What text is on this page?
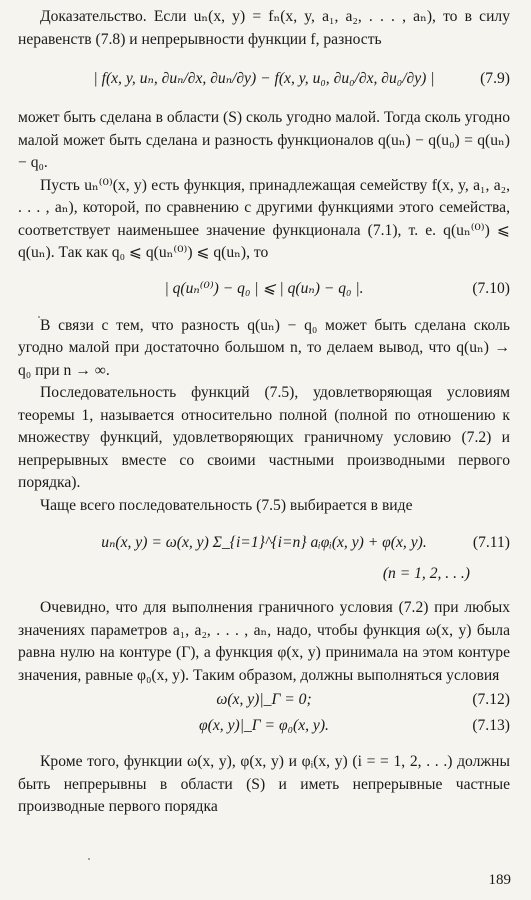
Доказательство. Если uₙ(x, y) = fₙ(x, y, a₁, a₂, . . . , aₙ), то в силу неравенств (7.8) и непрерывности функции f, разность

| f(x, y, uₙ, ∂uₙ/∂x, ∂uₙ/∂y) − f(x, y, u₀, ∂u₀/∂x, ∂u₀/∂y) |	(7.9)

может быть сделана в области (S) сколь угодно малой. Тогда сколь угодно малой может быть сделана и разность функционалов q(uₙ) − q(u₀) = q(uₙ) − q₀.

Пусть uₙ⁽⁰⁾(x, y) есть функция, принадлежащая семейству f(x, y, a₁, a₂, . . . , aₙ), которой, по сравнению с другими функциями этого семейства, соответствует наименьшее значение функционала (7.1), т. е. q(uₙ⁽⁰⁾) ⩽ q(uₙ). Так как q₀ ⩽ q(uₙ⁽⁰⁾) ⩽ q(uₙ), то

| q(uₙ⁽⁰⁾) − q₀ | ⩽ | q(uₙ) − q₀ |.	(7.10)

В связи с тем, что разность q(uₙ) − q₀ может быть сделана сколь угодно малой при достаточно большом n, то делаем вывод, что q(uₙ) → q₀ при n → ∞.

Последовательность функций (7.5), удовлетворяющая условиям теоремы 1, называется относительно полной (полной по отношению к множеству функций, удовлетворяющих граничному условию (7.2) и непрерывных вместе со своими частными производными первого порядка).

Чаще всего последовательность (7.5) выбирается в виде

uₙ(x, y) = ω(x, y) Σ_{i=1}^{i=n} aᵢφᵢ(x, y) + φ(x, y).	(7.11)
(n = 1, 2, . . .)

Очевидно, что для выполнения граничного условия (7.2) при любых значениях параметров a₁, a₂, . . . , aₙ, надо, чтобы функция ω(x, y) была равна нулю на контуре (Γ), а функция φ(x, y) принимала на этом контуре значения, равные φ₀(x, y). Таким образом, должны выполняться условия

ω(x, y)|_Γ = 0;	(7.12)
φ(x, y)|_Γ = φ₀(x, y).	(7.13)

Кроме того, функции ω(x, y), φ(x, y) и φᵢ(x, y) (i = = 1, 2, . . .) должны быть непрерывны в области (S) и иметь непрерывные частные производные первого порядка

189
